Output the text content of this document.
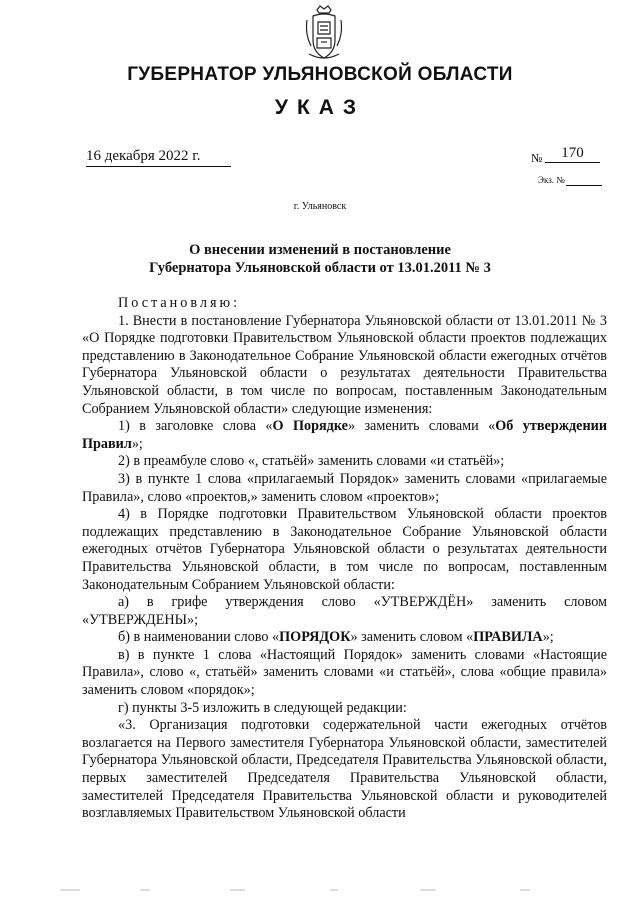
ГУБЕРНАТОР УЛЬЯНОВСКОЙ ОБЛАСТИ
УКАЗ
16 декабря 2022 г.	№	170
Экз. №
г. Ульяновск
О внесении изменений в постановление
Губернатора Ульяновской области от 13.01.2011 № 3

Постановляю:

1. Внести в постановление Губернатора Ульяновской области от 13.01.2011 № 3 «О Порядке подготовки Правительством Ульяновской области проектов подлежащих представлению в Законодательное Собрание Ульяновской области ежегодных отчётов Губернатора Ульяновской области о результатах деятельности Правительства Ульяновской области, в том числе по вопросам, поставленным Законодательным Собранием Ульяновской области» следующие изменения:

1) в заголовке слова «О Порядке» заменить словами «Об утверждении Правил»;

2) в преамбуле слово «, статьёй» заменить словами «и статьёй»;

3) в пункте 1 слова «прилагаемый Порядок» заменить словами «прилагаемые Правила», слово «проектов,» заменить словом «проектов»;

4) в Порядке подготовки Правительством Ульяновской области проектов подлежащих представлению в Законодательное Собрание Ульяновской области ежегодных отчётов Губернатора Ульяновской области о результатах деятельности Правительства Ульяновской области, в том числе по вопросам, поставленным Законодательным Собранием Ульяновской области:

а) в грифе утверждения слово «УТВЕРЖДЁН» заменить словом «УТВЕРЖДЕНЫ»;

б) в наименовании слово «ПОРЯДОК» заменить словом «ПРАВИЛА»;

в) в пункте 1 слова «Настоящий Порядок» заменить словами «Настоящие Правила», слово «, статьёй» заменить словами «и статьёй», слова «общие правила» заменить словом «порядок»;

г) пункты 3-5 изложить в следующей редакции:

«3. Организация подготовки содержательной части ежегодных отчётов возлагается на Первого заместителя Губернатора Ульяновской области, заместителей Губернатора Ульяновской области, Председателя Правительства Ульяновской области, первых заместителей Председателя Правительства Ульяновской области, заместителей Председателя Правительства Ульяновской области и руководителей возглавляемых Правительством Ульяновской области
